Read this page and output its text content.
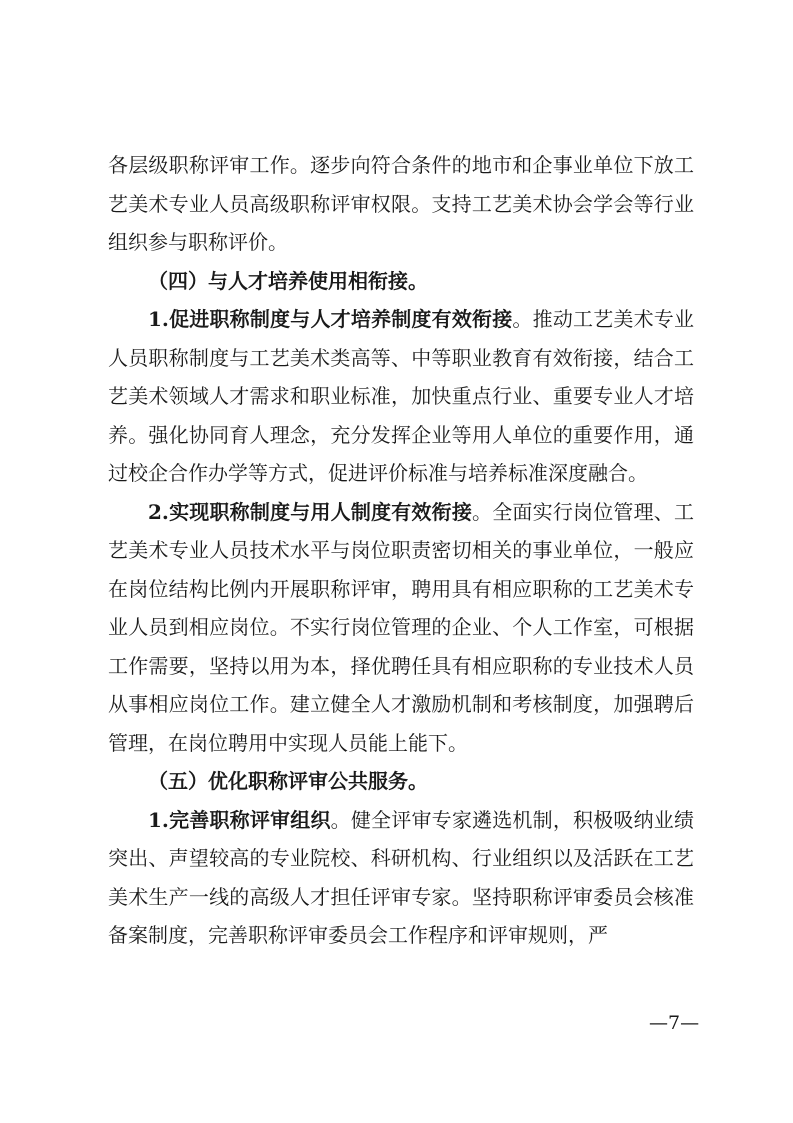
各层级职称评审工作。逐步向符合条件的地市和企事业单位下放工艺美术专业人员高级职称评审权限。支持工艺美术协会学会等行业组织参与职称评价。

（四）与人才培养使用相衔接。

1.促进职称制度与人才培养制度有效衔接。推动工艺美术专业人员职称制度与工艺美术类高等、中等职业教育有效衔接，结合工艺美术领域人才需求和职业标准，加快重点行业、重要专业人才培养。强化协同育人理念，充分发挥企业等用人单位的重要作用，通过校企合作办学等方式，促进评价标准与培养标准深度融合。

2.实现职称制度与用人制度有效衔接。全面实行岗位管理、工艺美术专业人员技术水平与岗位职责密切相关的事业单位，一般应在岗位结构比例内开展职称评审，聘用具有相应职称的工艺美术专业人员到相应岗位。不实行岗位管理的企业、个人工作室，可根据工作需要，坚持以用为本，择优聘任具有相应职称的专业技术人员从事相应岗位工作。建立健全人才激励机制和考核制度，加强聘后管理，在岗位聘用中实现人员能上能下。

（五）优化职称评审公共服务。

1.完善职称评审组织。健全评审专家遴选机制，积极吸纳业绩突出、声望较高的专业院校、科研机构、行业组织以及活跃在工艺美术生产一线的高级人才担任评审专家。坚持职称评审委员会核准备案制度，完善职称评审委员会工作程序和评审规则，严

—7—
